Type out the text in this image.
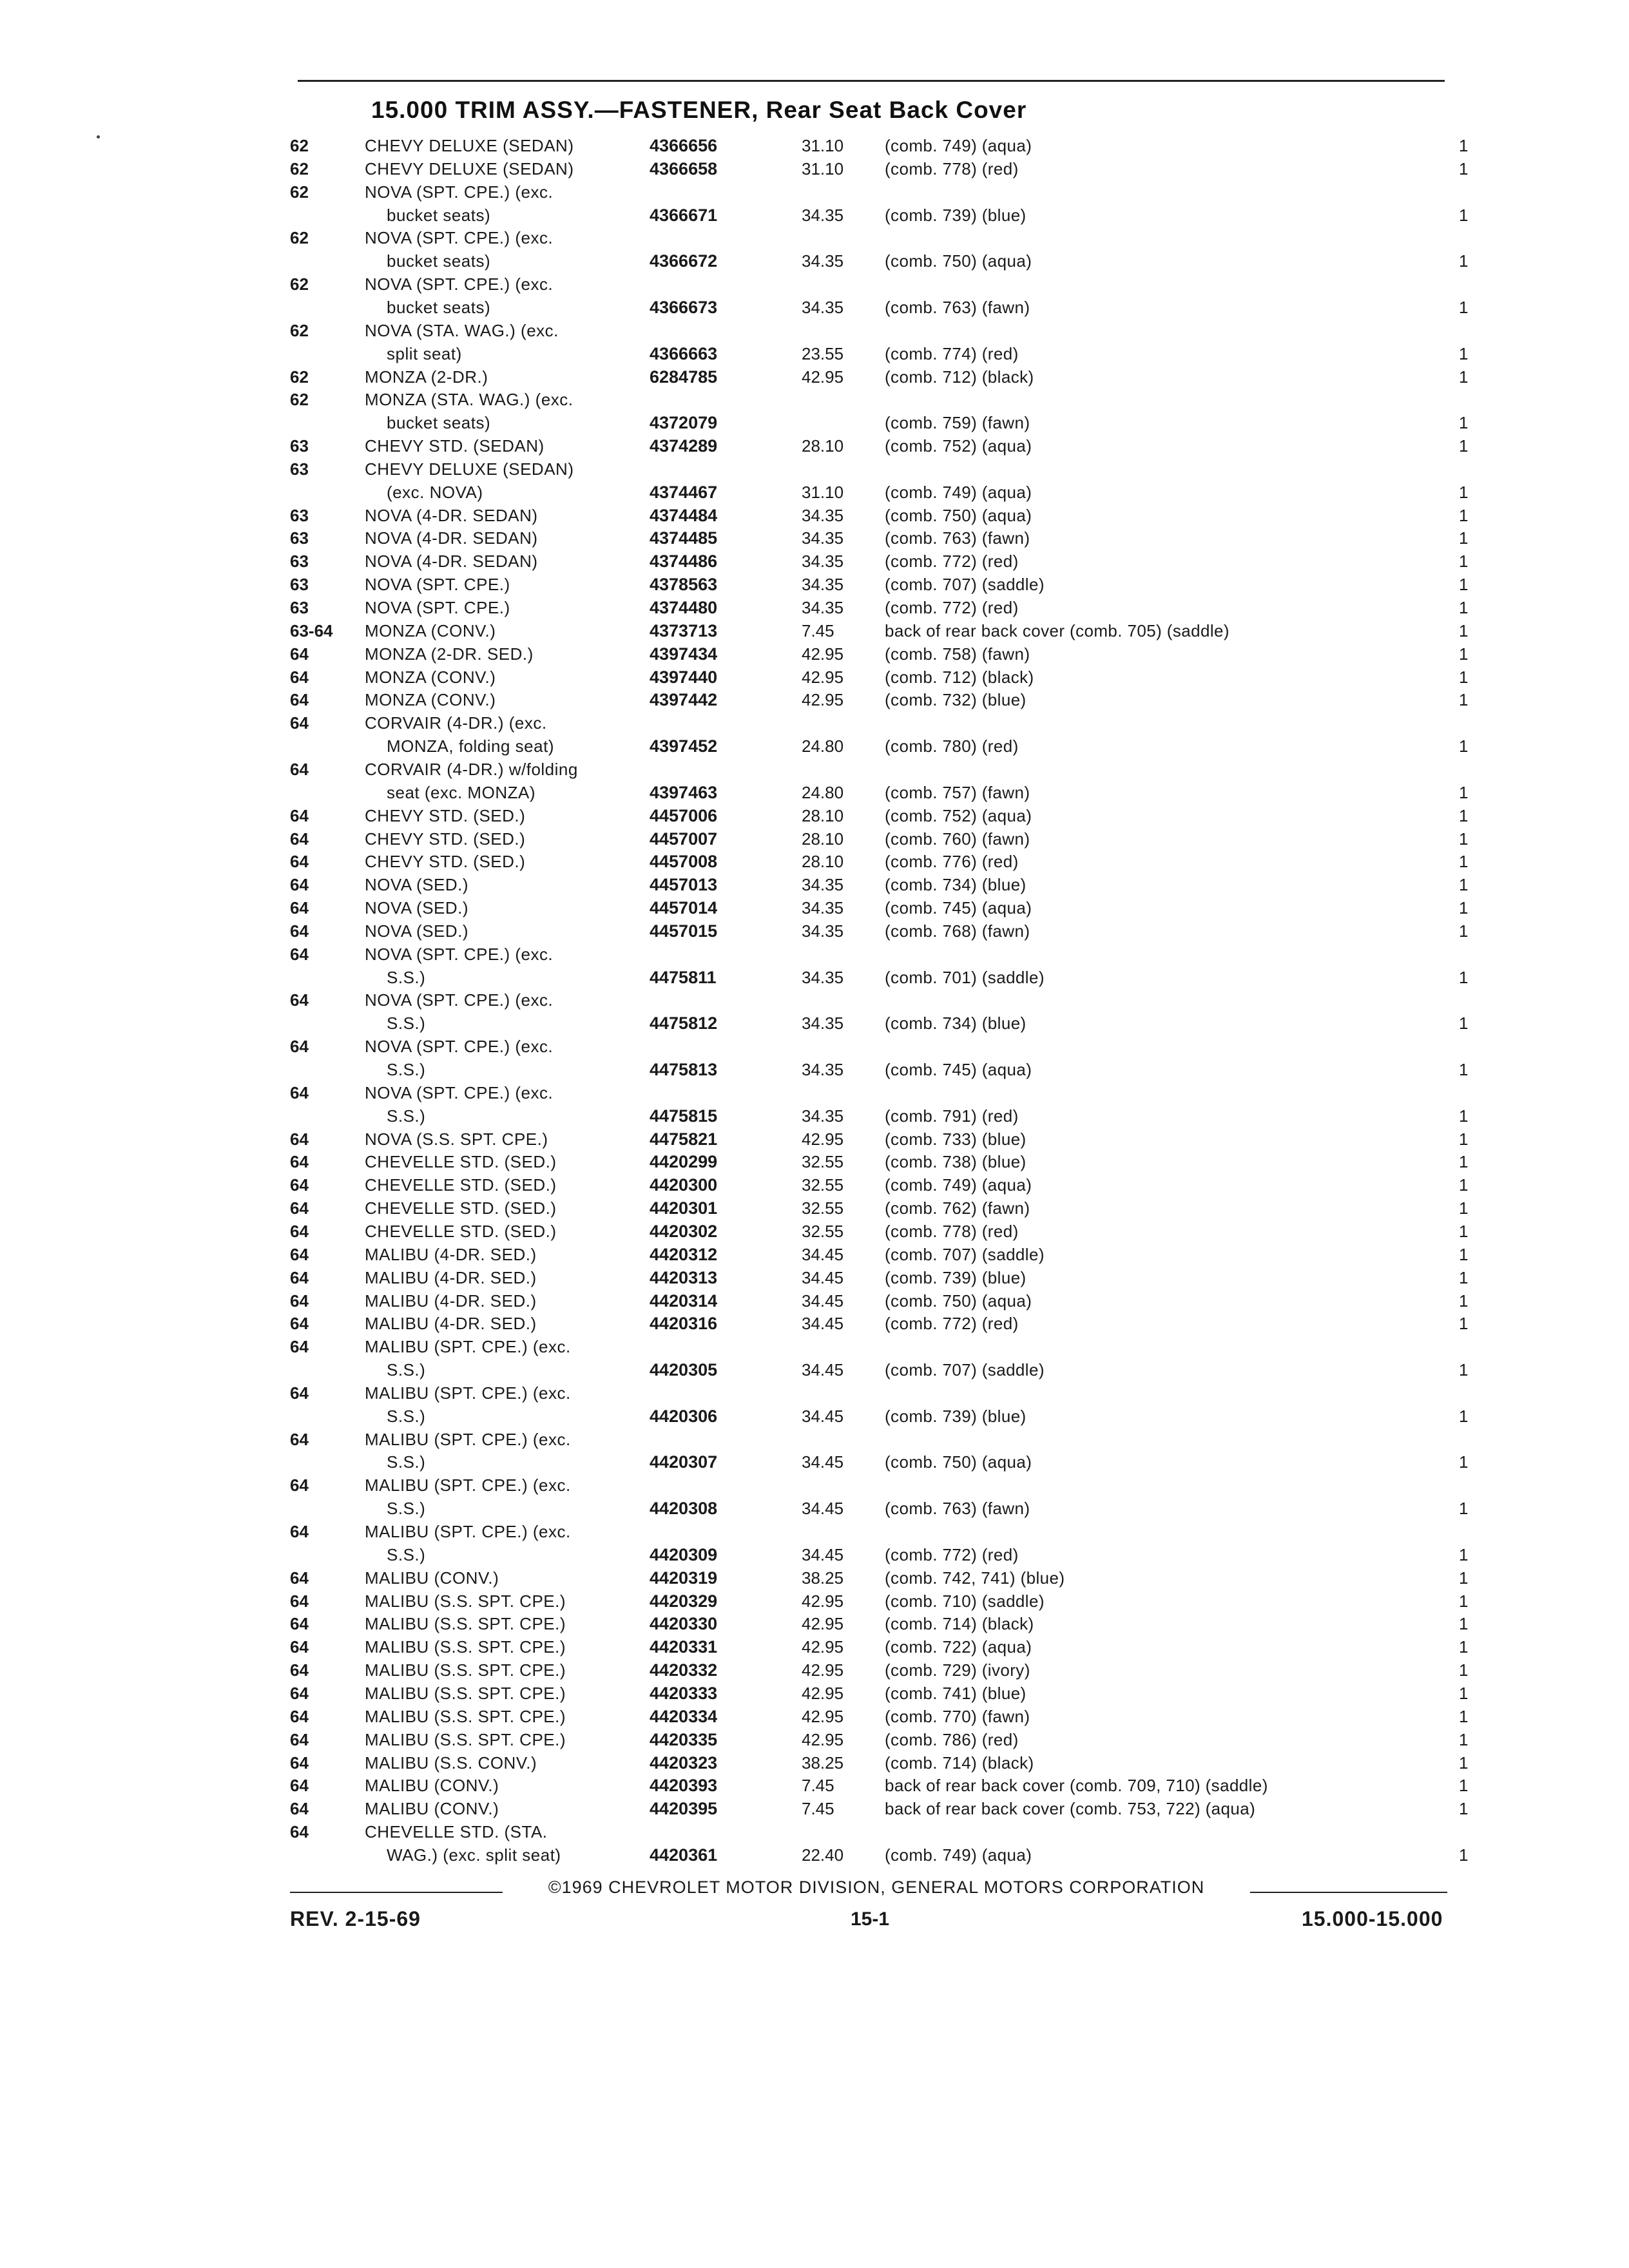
15.000 TRIM ASSY.—FASTENER, Rear Seat Back Cover
62	CHEVY DELUXE (SEDAN)	4366656	31.10 (comb. 749) (aqua)	1
62	CHEVY DELUXE (SEDAN)	4366658	31.10 (comb. 778) (red)	1
62	NOVA (SPT. CPE.) (exc.
bucket seats)	4366671	34.35 (comb. 739) (blue)	1
62	NOVA (SPT. CPE.) (exc.
bucket seats)	4366672	34.35 (comb. 750) (aqua)	1
62	NOVA (SPT. CPE.) (exc.
bucket seats)	4366673	34.35 (comb. 763) (fawn)	1
62	NOVA (STA. WAG.) (exc.
split seat)	4366663	23.55 (comb. 774) (red)	1
62	MONZA (2-DR.)	6284785	42.95 (comb. 712) (black)	1
62	MONZA (STA. WAG.) (exc.
bucket seats)	4372079	(comb. 759) (fawn)	1
63	CHEVY STD. (SEDAN)	4374289	28.10 (comb. 752) (aqua)	1
63	CHEVY DELUXE (SEDAN)
(exc. NOVA)	4374467	31.10 (comb. 749) (aqua)	1
63	NOVA (4-DR. SEDAN)	4374484	34.35 (comb. 750) (aqua)	1
63	NOVA (4-DR. SEDAN)	4374485	34.35 (comb. 763) (fawn)	1
63	NOVA (4-DR. SEDAN)	4374486	34.35 (comb. 772) (red)	1
63	NOVA (SPT. CPE.)	4378563	34.35 (comb. 707) (saddle)	1
63	NOVA (SPT. CPE.)	4374480	34.35 (comb. 772) (red)	1
63-64 MONZA (CONV.)	4373713	7.45	back of rear back cover (comb. 705) (saddle)	1
64	MONZA (2-DR. SED.)	4397434	42.95 (comb. 758) (fawn)	1
64	MONZA (CONV.)	4397440	42.95 (comb. 712) (black)	1
64	MONZA (CONV.)	4397442	42.95 (comb. 732) (blue)	1
64	CORVAIR (4-DR.) (exc.
MONZA, folding seat)	4397452	24.80 (comb. 780) (red)	1
64	CORVAIR (4-DR.) w/folding
seat (exc. MONZA)	4397463	24.80 (comb. 757) (fawn)	1
64	CHEVY STD. (SED.)	4457006	28.10 (comb. 752) (aqua)	1
64	CHEVY STD. (SED.)	4457007	28.10 (comb. 760) (fawn)	1
64	CHEVY STD. (SED.)	4457008	28.10 (comb. 776) (red)	1
64	NOVA (SED.)	4457013	34.35 (comb. 734) (blue)	1
64	NOVA (SED.)	4457014	34.35 (comb. 745) (aqua)	1
64	NOVA (SED.)	4457015	34.35 (comb. 768) (fawn)	1
64	NOVA (SPT. CPE.) (exc.
S.S.)	4475811	34.35 (comb. 701) (saddle)	1
64	NOVA (SPT. CPE.) (exc.
S.S.)	4475812	34.35 (comb. 734) (blue)	1
64	NOVA (SPT. CPE.) (exc.
S.S.)	4475813	34.35 (comb. 745) (aqua)	1
64	NOVA (SPT. CPE.) (exc.
S.S.)	4475815	34.35 (comb. 791) (red)	1
64	NOVA (S.S. SPT. CPE.)	4475821	42.95 (comb. 733) (blue)	1
64	CHEVELLE STD. (SED.)	4420299	32.55 (comb. 738) (blue)	1
64	CHEVELLE STD. (SED.)	4420300	32.55 (comb. 749) (aqua)	1
64	CHEVELLE STD. (SED.)	4420301	32.55 (comb. 762) (fawn)	1
64	CHEVELLE STD. (SED.)	4420302	32.55 (comb. 778) (red)	1
64	MALIBU (4-DR. SED.)	4420312	34.45 (comb. 707) (saddle)	1
64	MALIBU (4-DR. SED.)	4420313	34.45 (comb. 739) (blue)	1
64	MALIBU (4-DR. SED.)	4420314	34.45 (comb. 750) (aqua)	1
64	MALIBU (4-DR. SED.)	4420316	34.45 (comb. 772) (red)	1
64	MALIBU (SPT. CPE.) (exc.
S.S.)	4420305	34.45 (comb. 707) (saddle)	1
64	MALIBU (SPT. CPE.) (exc.
S.S.)	4420306	34.45 (comb. 739) (blue)	1
64	MALIBU (SPT. CPE.) (exc.
S.S.)	4420307	34.45 (comb. 750) (aqua)	1
64	MALIBU (SPT. CPE.) (exc.
S.S.)	4420308	34.45 (comb. 763) (fawn)	1
64	MALIBU (SPT. CPE.) (exc.
S.S.)	4420309	34.45 (comb. 772) (red)	1
64	MALIBU (CONV.)	4420319	38.25 (comb. 742, 741) (blue)	1
64	MALIBU (S.S. SPT. CPE.)	4420329	42.95 (comb. 710) (saddle)	1
64	MALIBU (S.S. SPT. CPE.)	4420330	42.95 (comb. 714) (black)	1
64	MALIBU (S.S. SPT. CPE.)	4420331	42.95 (comb. 722) (aqua)	1
64	MALIBU (S.S. SPT. CPE.)	4420332	42.95 (comb. 729) (ivory)	1
64	MALIBU (S.S. SPT. CPE.)	4420333	42.95 (comb. 741) (blue)	1
64	MALIBU (S.S. SPT. CPE.)	4420334	42.95 (comb. 770) (fawn)	1
64	MALIBU (S.S. SPT. CPE.)	4420335	42.95 (comb. 786) (red)	1
64	MALIBU (S.S. CONV.)	4420323	38.25 (comb. 714) (black)	1
64	MALIBU (CONV.)	4420393	7.45	back of rear back cover (comb. 709, 710) (saddle)	1
64	MALIBU (CONV.)	4420395	7.45	back of rear back cover (comb. 753, 722) (aqua)	1
64	CHEVELLE STD. (STA.
WAG.) (exc. split seat)	4420361	22.40 (comb. 749) (aqua)	1
©1969 CHEVROLET MOTOR DIVISION, GENERAL MOTORS CORPORATION
REV. 2-15-69	15-1	15.000-15.000
